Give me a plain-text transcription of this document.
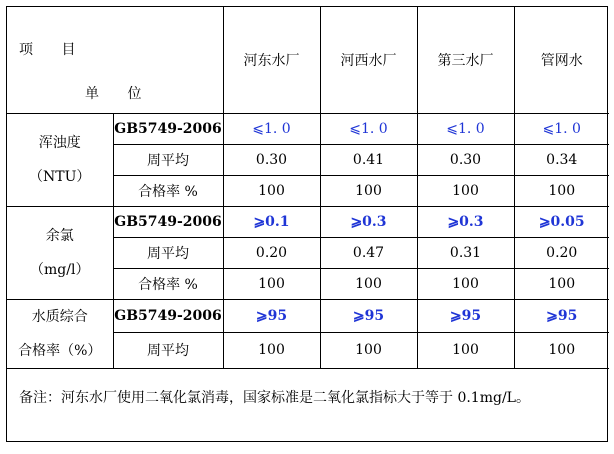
项 目
单 位		河东水厂	河西水厂	第三水厂	管网水

浑浊度
（NTU）	GB5749-2006	⩽1. 0	⩽1. 0	⩽1. 0	⩽1. 0
	周平均	0.30	0.41	0.30	0.34
	合格率 %	100	100	100	100

余氯
（mg/l）	GB5749-2006	⩾0.1	⩾0.3	⩾0.3	⩾0.05
	周平均	0.20	0.47	0.31	0.20
	合格率 %	100	100	100	100

水质综合
合格率（%）	GB5749-2006	⩾95	⩾95	⩾95	⩾95
	周平均	100	100	100	100
备注：河东水厂使用二氧化氯消毒，国家标准是二氧化氯指标大于等于 0.1mg/L。
